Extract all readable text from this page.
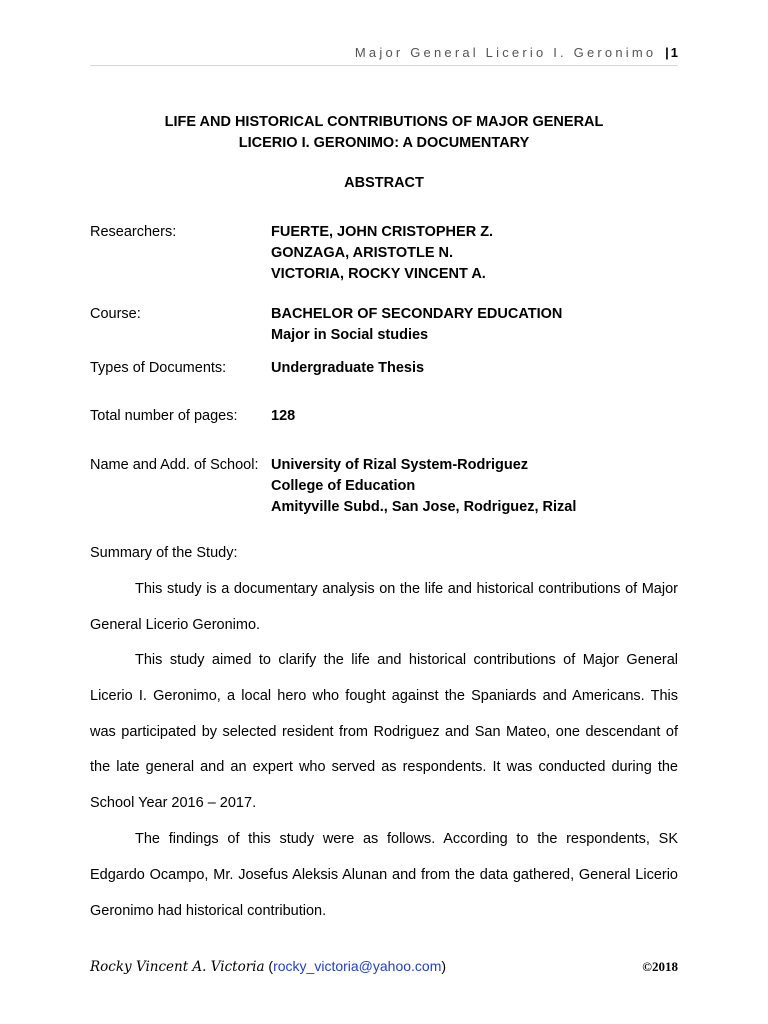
Major General Licerio I. Geronimo | 1
LIFE AND HISTORICAL CONTRIBUTIONS OF MAJOR GENERAL
LICERIO I. GERONIMO: A DOCUMENTARY
ABSTRACT
Researchers:	FUERTE, JOHN CRISTOPHER Z.
GONZAGA, ARISTOTLE N.
VICTORIA, ROCKY VINCENT A.
Course:	BACHELOR OF SECONDARY EDUCATION
Major in Social studies
Types of Documents:	Undergraduate Thesis
Total number of pages: 128
Name and Add. of School: University of Rizal System-Rodriguez
College of Education
Amityville Subd., San Jose, Rodriguez, Rizal
Summary of the Study:
This study is a documentary analysis on the life and historical contributions of Major General Licerio Geronimo.
This study aimed to clarify the life and historical contributions of Major General Licerio I. Geronimo, a local hero who fought against the Spaniards and Americans. This was participated by selected resident from Rodriguez and San Mateo, one descendant of the late general and an expert who served as respondents. It was conducted during the School Year 2016 – 2017.
The findings of this study were as follows. According to the respondents, SK Edgardo Ocampo, Mr. Josefus Aleksis Alunan and from the data gathered, General Licerio Geronimo had historical contribution.
Rocky Vincent A. Victoria (rocky_victoria@yahoo.com)	©2018
